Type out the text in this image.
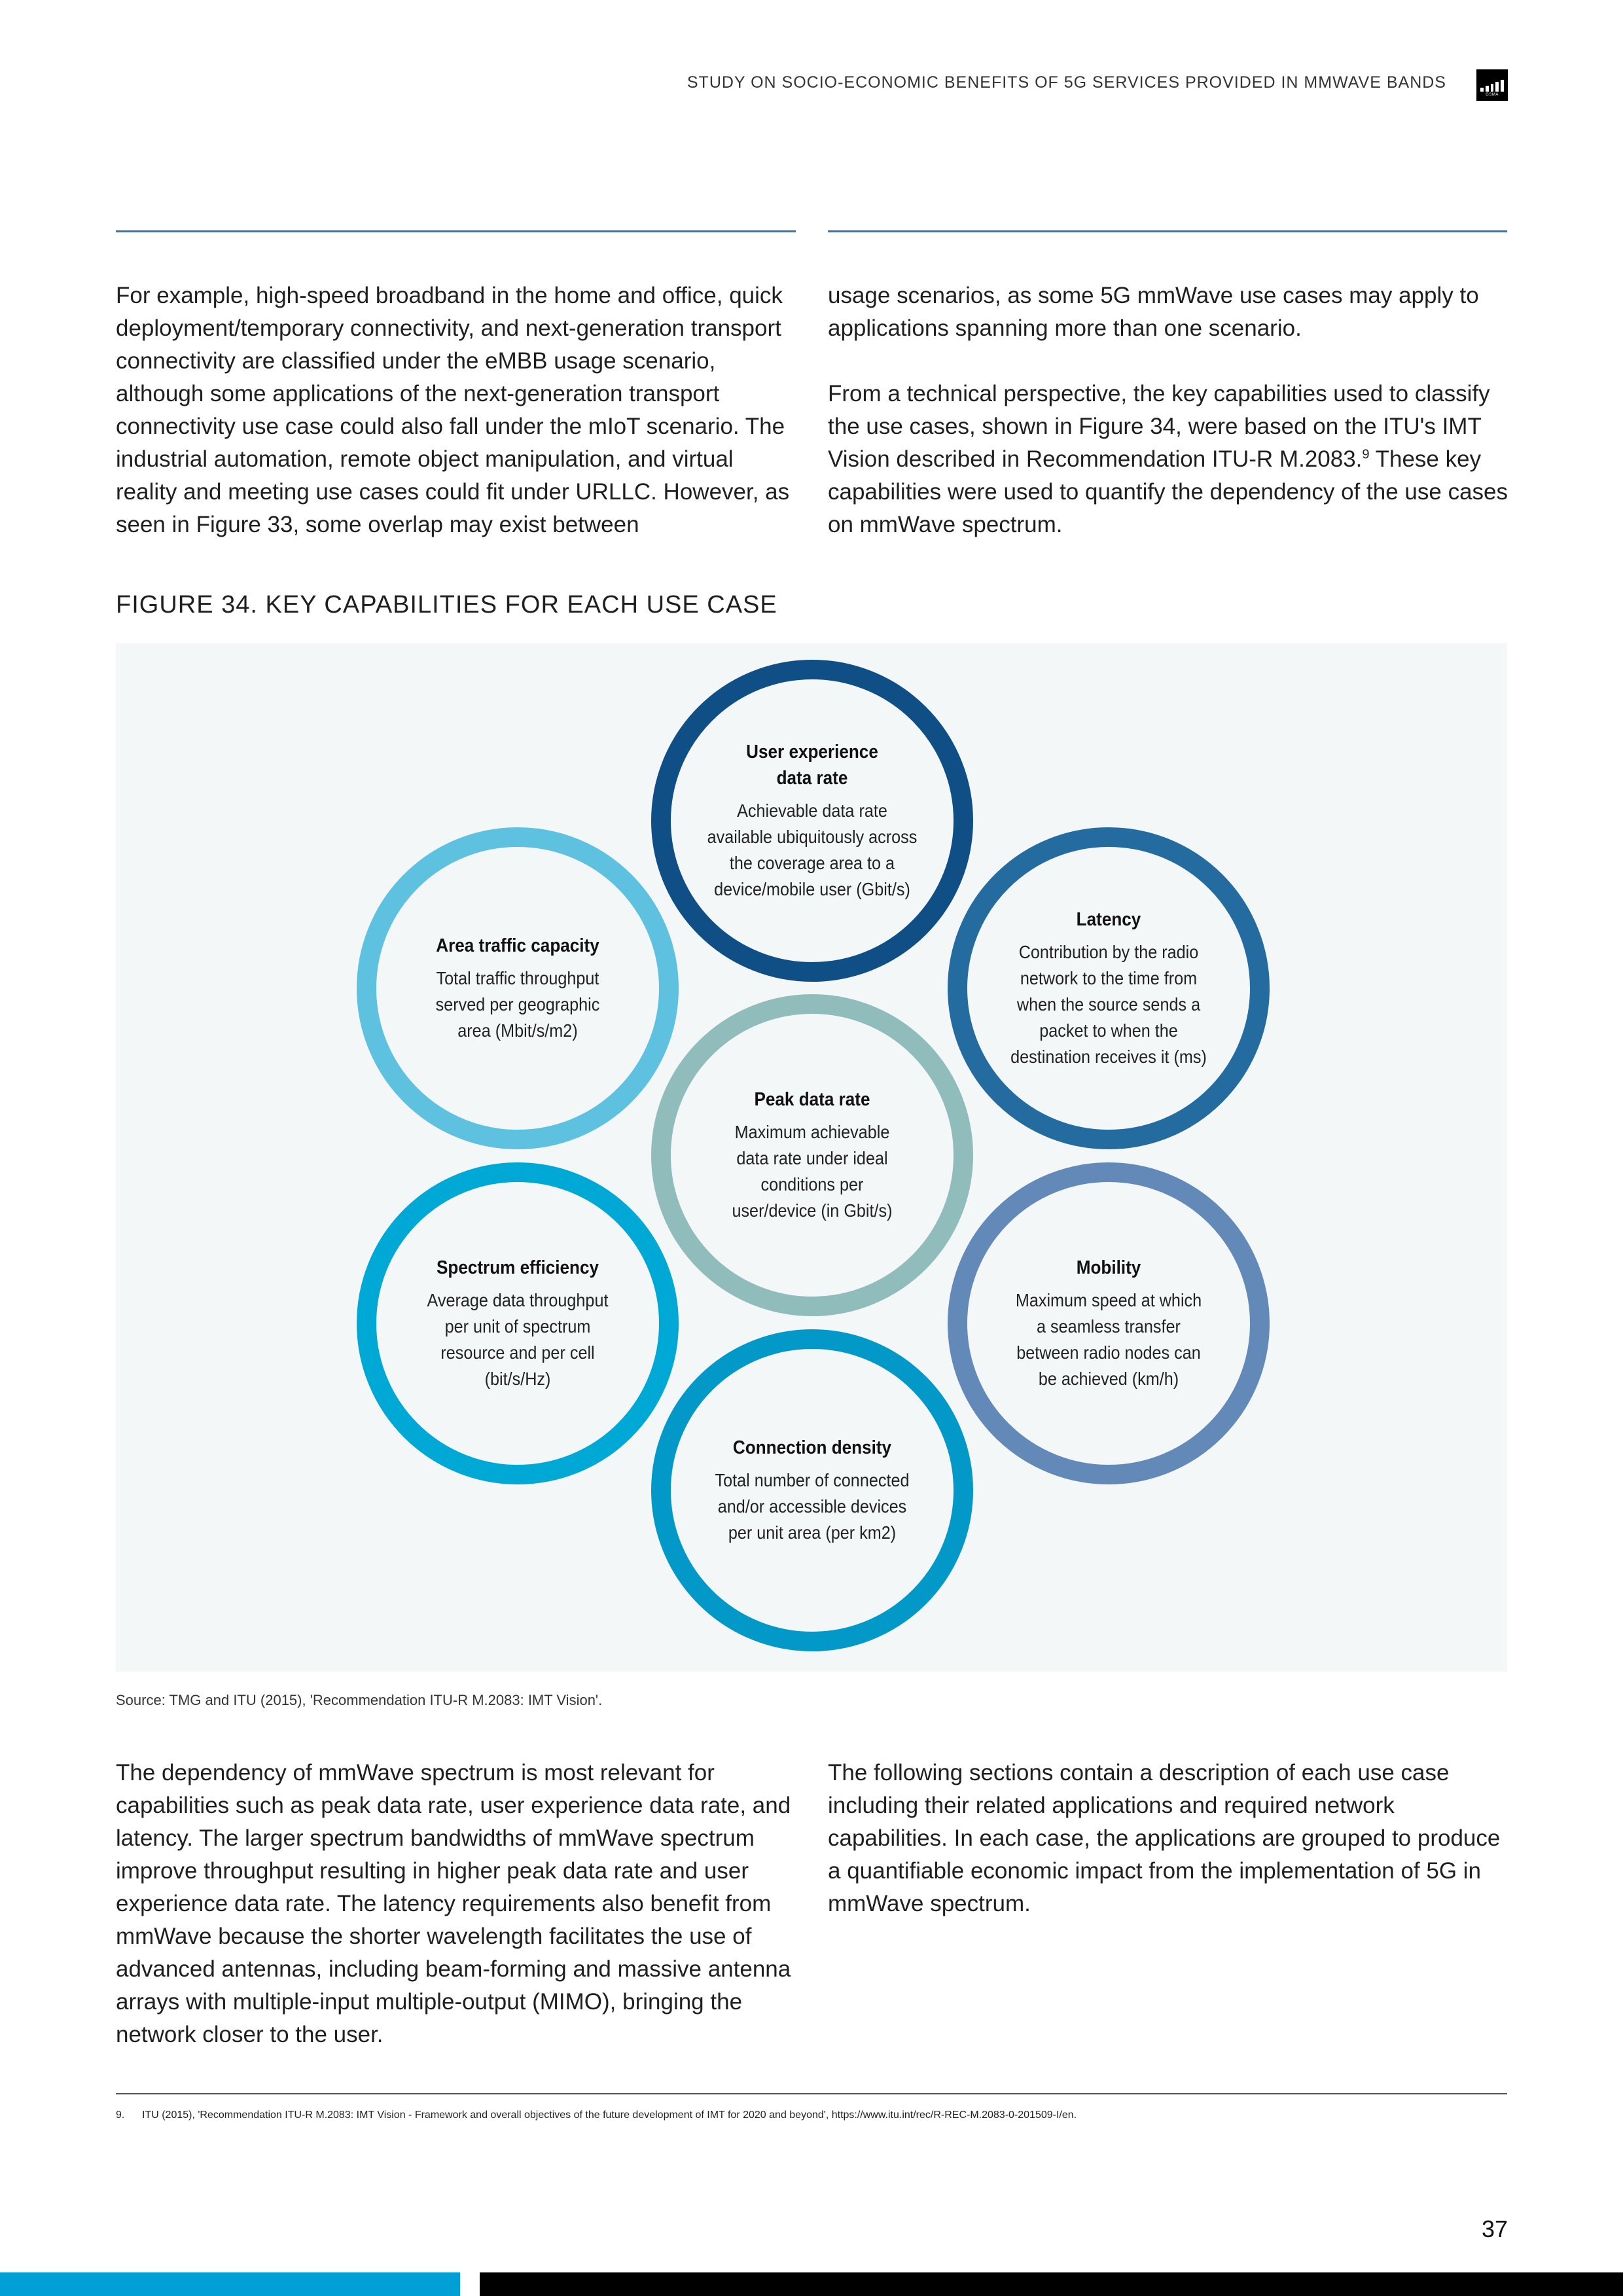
STUDY ON SOCIO-ECONOMIC BENEFITS OF 5G SERVICES PROVIDED IN MMWAVE BANDS
GSMA

For example, high-speed broadband in the home and office, quick deployment/temporary connectivity, and next-generation transport connectivity are classified under the eMBB usage scenario, although some applications of the next-generation transport connectivity use case could also fall under the mIoT scenario. The industrial automation, remote object manipulation, and virtual reality and meeting use cases could fit under URLLC. However, as seen in Figure 33, some overlap may exist between

usage scenarios, as some 5G mmWave use cases may apply to applications spanning more than one scenario.

From a technical perspective, the key capabilities used to classify the use cases, shown in Figure 34, were based on the ITU's IMT Vision described in Recommendation ITU-R M.2083.$^9$ These key capabilities were used to quantify the dependency of the use cases on mmWave spectrum.

FIGURE 34. KEY CAPABILITIES FOR EACH USE CASE
User experience data rate
Achievable data rate available ubiquitously across the coverage area to a device/mobile user (Gbit/s)
Area traffic capacity
Total traffic throughput served per geographic area (Mbit/s/m2)
Latency
Contribution by the radio network to the time from when the source sends a packet to when the destination receives it (ms)
Peak data rate
Maximum achievable data rate under ideal conditions per user/device (in Gbit/s)
Spectrum efficiency
Average data throughput per unit of spectrum resource and per cell (bit/s/Hz)
Mobility
Maximum speed at which a seamless transfer between radio nodes can be achieved (km/h)
Connection density
Total number of connected and/or accessible devices per unit area (per km2)
Source: TMG and ITU (2015), 'Recommendation ITU-R M.2083: IMT Vision'.

The dependency of mmWave spectrum is most relevant for capabilities such as peak data rate, user experience data rate, and latency. The larger spectrum bandwidths of mmWave spectrum improve throughput resulting in higher peak data rate and user experience data rate. The latency requirements also benefit from mmWave because the shorter wavelength facilitates the use of advanced antennas, including beam-forming and massive antenna arrays with multiple-input multiple-output (MIMO), bringing the network closer to the user.

The following sections contain a description of each use case including their related applications and required network capabilities. In each case, the applications are grouped to produce a quantifiable economic impact from the implementation of 5G in mmWave spectrum.

9. ITU (2015), 'Recommendation ITU-R M.2083: IMT Vision - Framework and overall objectives of the future development of IMT for 2020 and beyond', https://www.itu.int/rec/R-REC-M.2083-0-201509-I/en.
37
